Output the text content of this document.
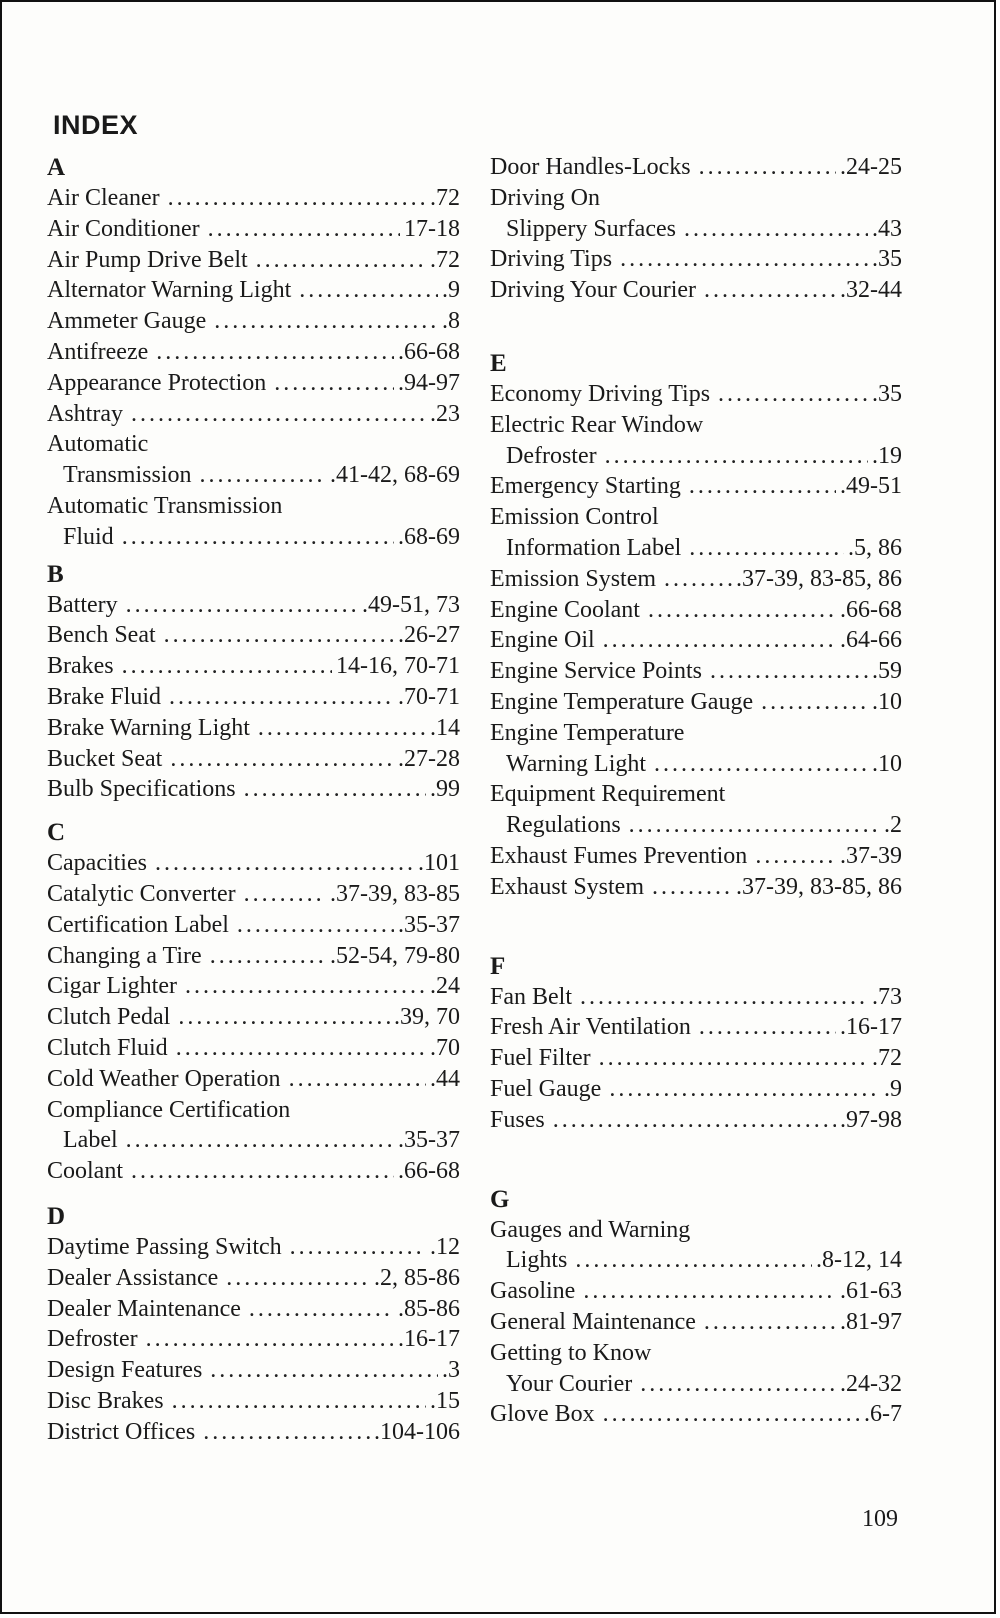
INDEX
A
Air Cleaner .....	.72
Air Conditioner .....	17-18
Air Pump Drive Belt .....	.72
Alternator Warning Light .....	.9
Ammeter Gauge .....	.8
Antifreeze .....	.66-68
Appearance Protection .....	.94-97
Ashtray .....	.23
Automatic
Transmission .....	.41-42, 68-69
Automatic Transmission
Fluid .....	.68-69
B
Battery .....	.49-51, 73
Bench Seat .....	.26-27
Brakes .....	14-16, 70-71
Brake Fluid .....	.70-71
Brake Warning Light .....	.14
Bucket Seat .....	.27-28
Bulb Specifications .....	.99
C
Capacities .....	.101
Catalytic Converter .....	.37-39, 83-85
Certification Label .....	.35-37
Changing a Tire .....	.52-54, 79-80
Cigar Lighter .....	.24
Clutch Pedal .....	.39, 70
Clutch Fluid .....	.70
Cold Weather Operation .....	.44
Compliance Certification
Label .....	.35-37
Coolant .....	.66-68
D
Daytime Passing Switch .....	.12
Dealer Assistance .....	.2, 85-86
Dealer Maintenance .....	.85-86
Defroster .....	.16-17
Design Features .....	.3
Disc Brakes .....	.15
District Offices .....	.104-106
Door Handles-Locks .....	.24-25
Driving On
Slippery Surfaces .....	.43
Driving Tips .....	.35
Driving Your Courier .....	.32-44
E
Economy Driving Tips .....	.35
Electric Rear Window
Defroster .....	.19
Emergency Starting .....	.49-51
Emission Control
Information Label .....	.5, 86
Emission System .....	.37-39, 83-85, 86
Engine Coolant .....	.66-68
Engine Oil .....	.64-66
Engine Service Points .....	.59
Engine Temperature Gauge .....	.10
Engine Temperature
Warning Light .....	.10
Equipment Requirement
Regulations .....	.2
Exhaust Fumes Prevention .....	.37-39
Exhaust System .....	.37-39, 83-85, 86
F
Fan Belt .....	.73
Fresh Air Ventilation .....	.16-17
Fuel Filter .....	.72
Fuel Gauge .....	.9
Fuses .....	.97-98
G
Gauges and Warning
Lights .....	.8-12, 14
Gasoline .....	.61-63
General Maintenance .....	.81-97
Getting to Know
Your Courier .....	.24-32
Glove Box .....	.6-7
109
